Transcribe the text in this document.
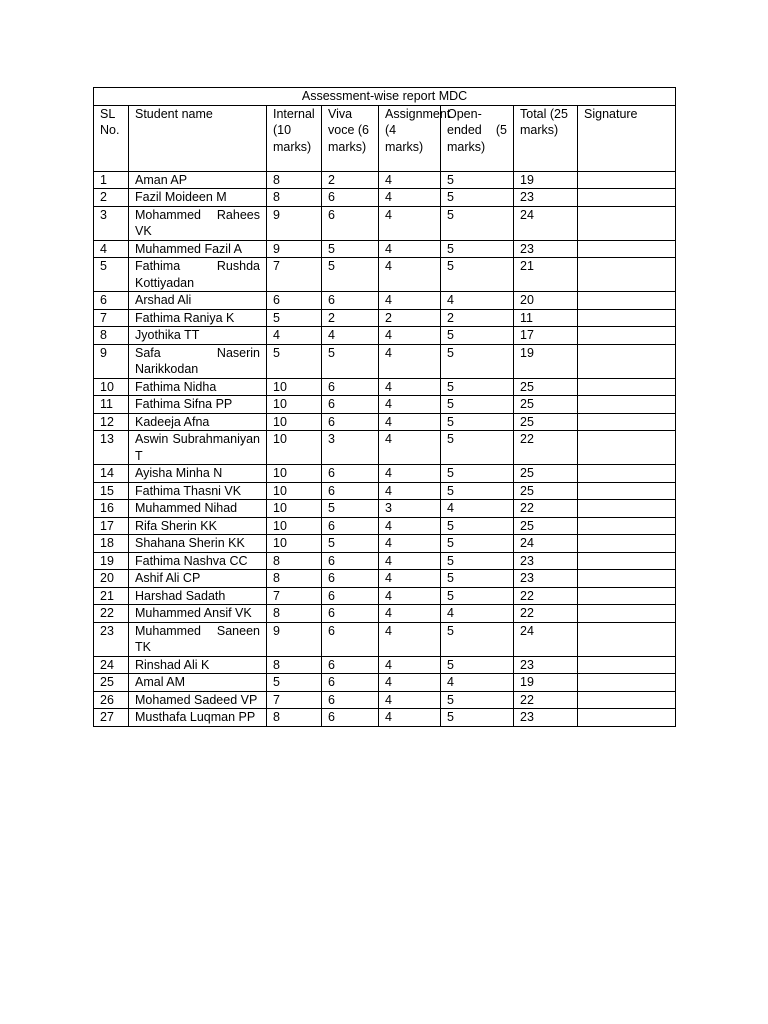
Assessment-wise report MDC							
SL No.	Student name	Internal (10 marks)	Viva voce (6 marks)	Assignment (4 marks)	Open-ended (5 marks)	Total (25 marks)	Signature
1	Aman AP	8	2	4	5	19	
2	Fazil Moideen M	8	6	4	5	23	
3	Mohammed Rahees VK	9	6	4	5	24	
4	Muhammed Fazil A	9	5	4	5	23	
5	Fathima Rushda Kottiyadan	7	5	4	5	21	
6	Arshad Ali	6	6	4	4	20	
7	Fathima Raniya K	5	2	2	2	11	
8	Jyothika TT	4	4	4	5	17	
9	Safa Naserin Narikkodan	5	5	4	5	19	
10	Fathima Nidha	10	6	4	5	25	
11	Fathima Sifna PP	10	6	4	5	25	
12	Kadeeja Afna	10	6	4	5	25	
13	Aswin Subrahmaniyan T	10	3	4	5	22	
14	Ayisha Minha N	10	6	4	5	25	
15	Fathima Thasni VK	10	6	4	5	25	
16	Muhammed Nihad	10	5	3	4	22	
17	Rifa Sherin KK	10	6	4	5	25	
18	Shahana Sherin KK	10	5	4	5	24	
19	Fathima Nashva CC	8	6	4	5	23	
20	Ashif Ali CP	8	6	4	5	23	
21	Harshad Sadath	7	6	4	5	22	
22	Muhammed Ansif VK	8	6	4	4	22	
23	Muhammed Saneen TK	9	6	4	5	24	
24	Rinshad Ali K	8	6	4	5	23	
25	Amal AM	5	6	4	4	19	
26	Mohamed Sadeed VP	7	6	4	5	22	
27	Musthafa Luqman PP	8	6	4	5	23	
